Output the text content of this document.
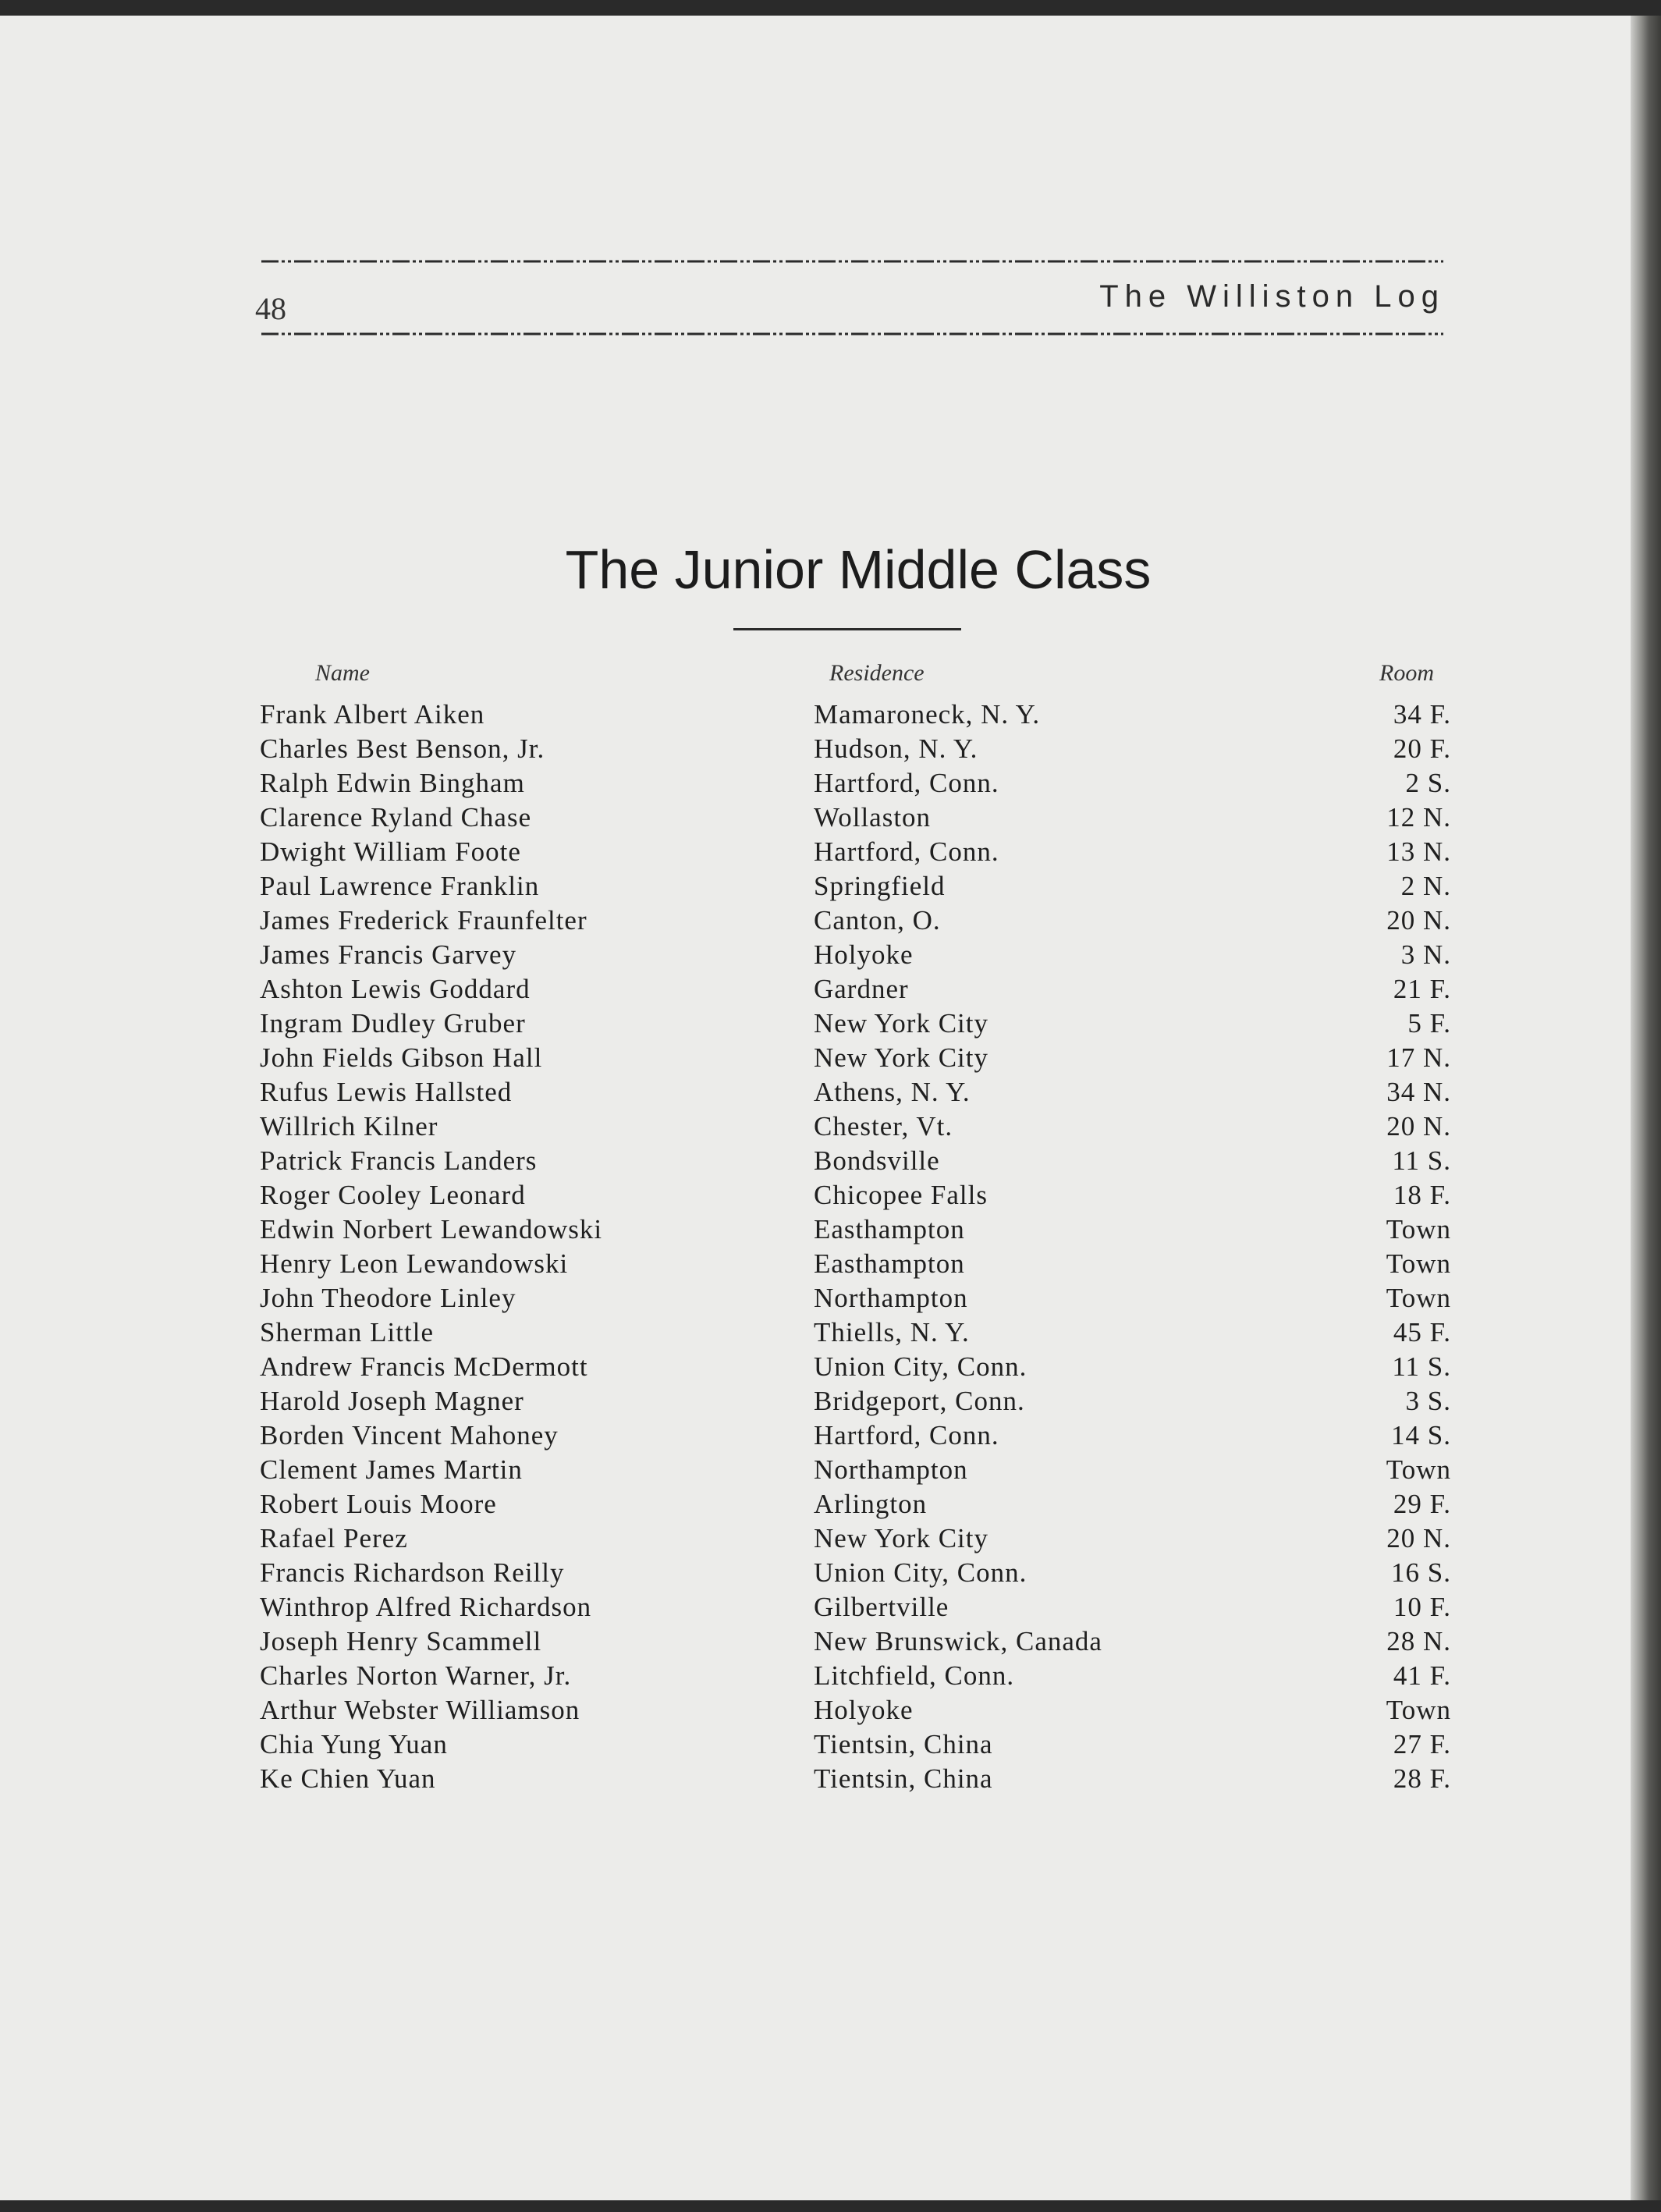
48	The Williston Log
The Junior Middle Class
Name	Residence	Room
Frank Albert Aiken	Mamaroneck, N. Y.	34 F.
Charles Best Benson, Jr.	Hudson, N. Y.	20 F.
Ralph Edwin Bingham	Hartford, Conn.	2 S.
Clarence Ryland Chase	Wollaston	12 N.
Dwight William Foote	Hartford, Conn.	13 N.
Paul Lawrence Franklin	Springfield	2 N.
James Frederick Fraunfelter	Canton, O.	20 N.
James Francis Garvey	Holyoke	3 N.
Ashton Lewis Goddard	Gardner	21 F.
Ingram Dudley Gruber	New York City	5 F.
John Fields Gibson Hall	New York City	17 N.
Rufus Lewis Hallsted	Athens, N. Y.	34 N.
Willrich Kilner	Chester, Vt.	20 N.
Patrick Francis Landers	Bondsville	11 S.
Roger Cooley Leonard	Chicopee Falls	18 F.
Edwin Norbert Lewandowski	Easthampton	Town
Henry Leon Lewandowski	Easthampton	Town
John Theodore Linley	Northampton	Town
Sherman Little	Thiells, N. Y.	45 F.
Andrew Francis McDermott	Union City, Conn.	11 S.
Harold Joseph Magner	Bridgeport, Conn.	3 S.
Borden Vincent Mahoney	Hartford, Conn.	14 S.
Clement James Martin	Northampton	Town
Robert Louis Moore	Arlington	29 F.
Rafael Perez	New York City	20 N.
Francis Richardson Reilly	Union City, Conn.	16 S.
Winthrop Alfred Richardson	Gilbertville	10 F.
Joseph Henry Scammell	New Brunswick, Canada	28 N.
Charles Norton Warner, Jr.	Litchfield, Conn.	41 F.
Arthur Webster Williamson	Holyoke	Town
Chia Yung Yuan	Tientsin, China	27 F.
Ke Chien Yuan	Tientsin, China	28 F.
